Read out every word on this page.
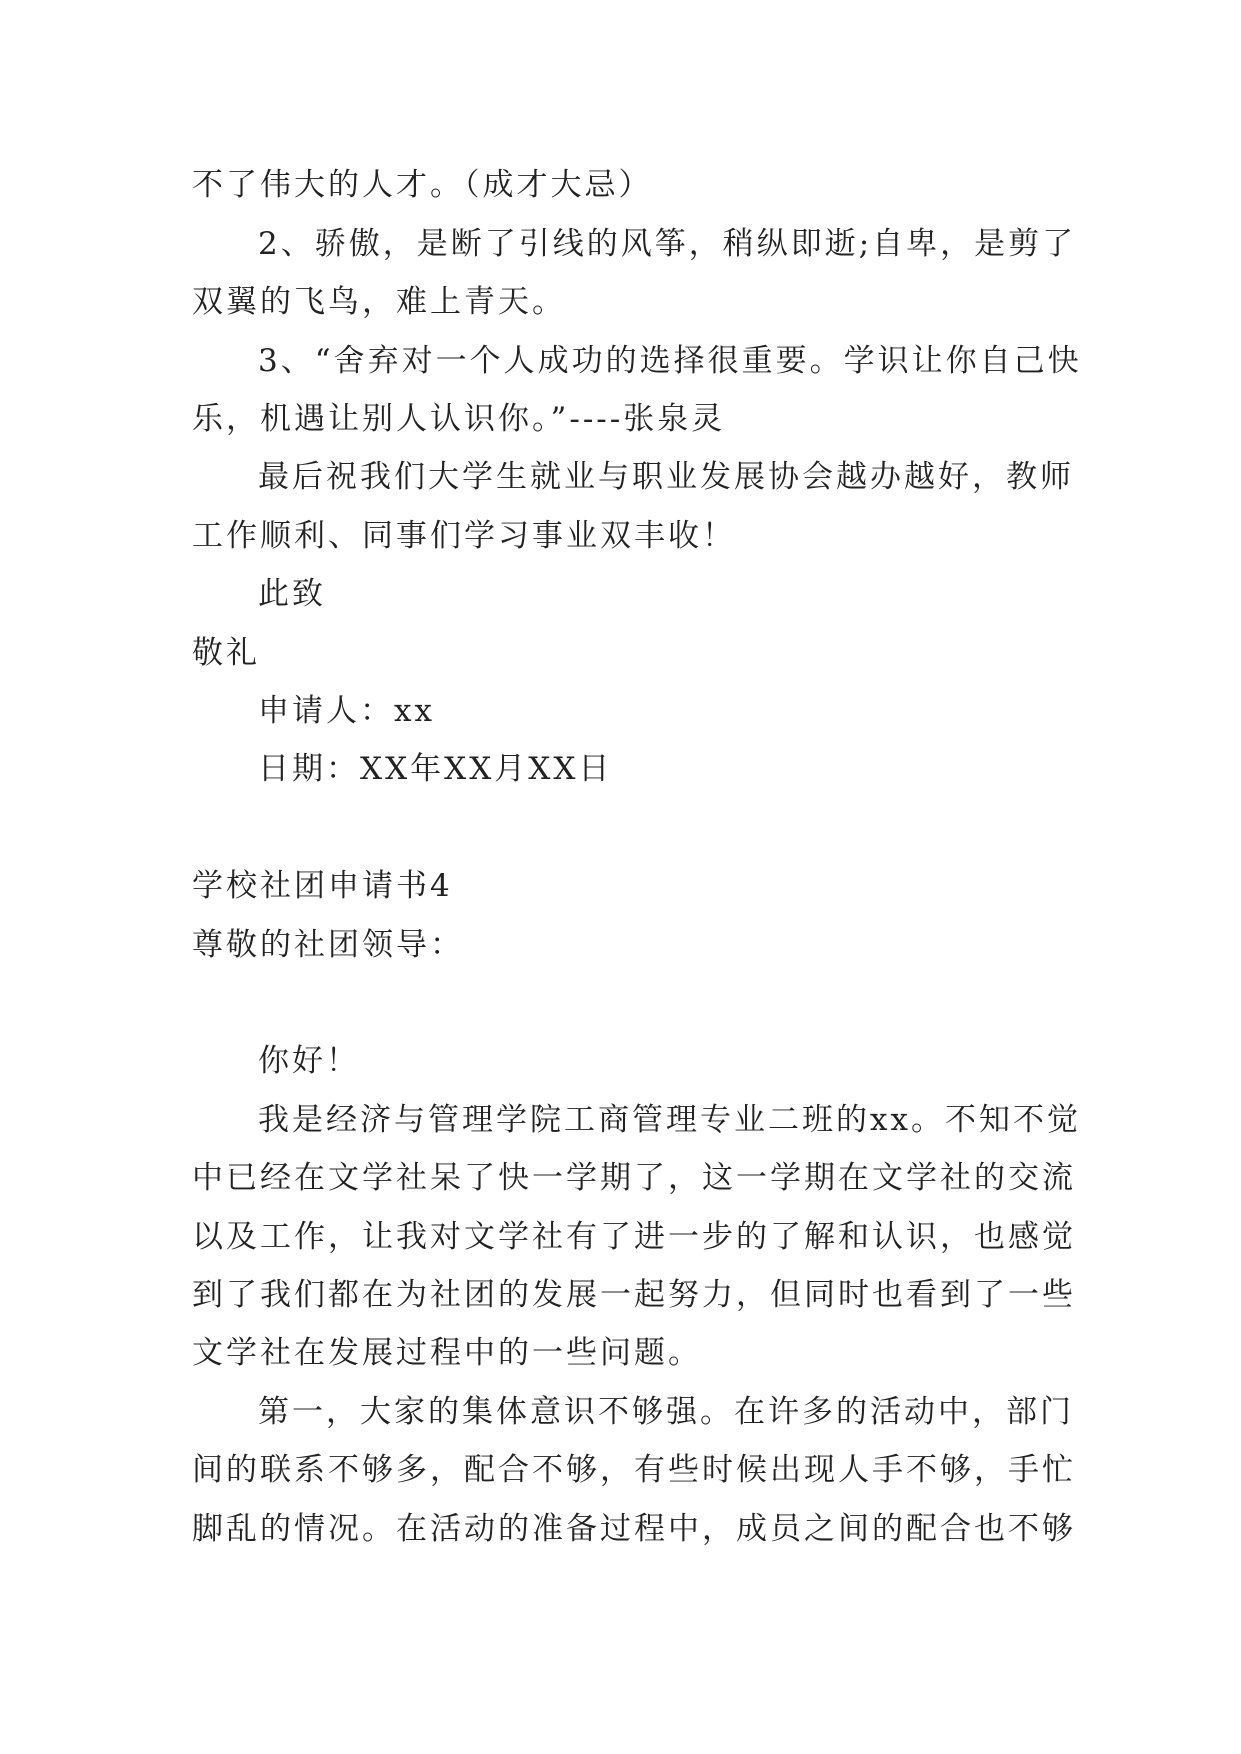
不了伟大的人才。（成才大忌）
2、骄傲，是断了引线的风筝，稍纵即逝;自卑，是剪了
双翼的飞鸟，难上青天。
3、“舍弃对一个人成功的选择很重要。学识让你自己快
乐，机遇让别人认识你。”----张泉灵
最后祝我们大学生就业与职业发展协会越办越好，教师
工作顺利、同事们学习事业双丰收！
此致
敬礼
申请人：xx
日期：XX年XX月XX日
学校社团申请书4
尊敬的社团领导：
你好！
我是经济与管理学院工商管理专业二班的xx。不知不觉
中已经在文学社呆了快一学期了，这一学期在文学社的交流
以及工作，让我对文学社有了进一步的了解和认识，也感觉
到了我们都在为社团的发展一起努力，但同时也看到了一些
文学社在发展过程中的一些问题。
第一，大家的集体意识不够强。在许多的活动中，部门
间的联系不够多，配合不够，有些时候出现人手不够，手忙
脚乱的情况。在活动的准备过程中，成员之间的配合也不够
